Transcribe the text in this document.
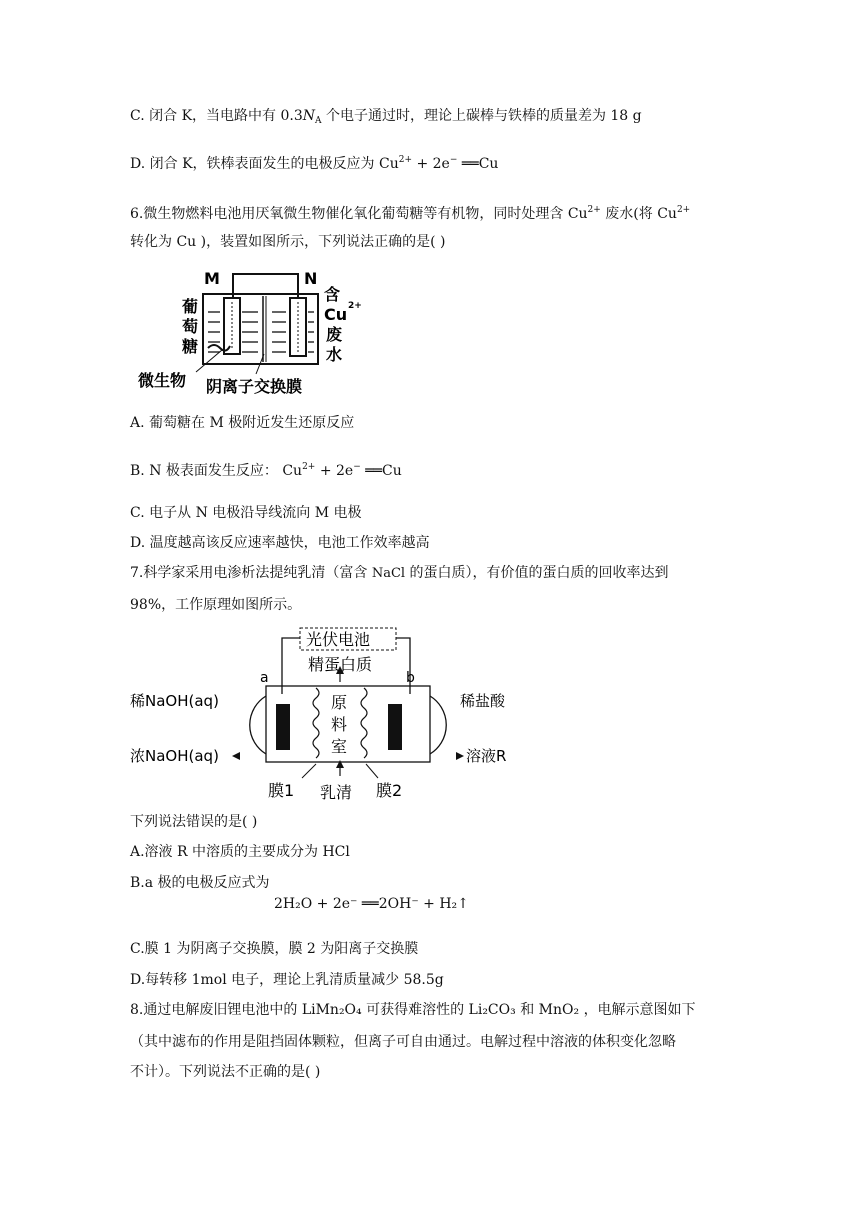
C. 闭合 K，当电路中有 $0.3N_A$ 个电子通过时，理论上碳棒与铁棒的质量差为 18 g
D. 闭合 K，铁棒表面发生的电极反应为 $Cu^{2+} + 2e^-$ ══Cu
6.微生物燃料电池用厌氧微生物催化氧化葡萄糖等有机物，同时处理含 $Cu^{2+}$ 废水(将 $Cu^{2+}$
转化为 Cu )，装置如图所示，下列说法正确的是( )
M	N
葡
萄
糖
含
Cu 2+
废
水
微生物 阴离子交换膜
A. 葡萄糖在 M 极附近发生还原反应
B. N 极表面发生反应： $Cu^{2+} + 2e^-$ ══Cu
C. 电子从 N 电极沿导线流向 M 电极
D. 温度越高该反应速率越快，电池工作效率越高
7.科学家采用电渗析法提纯乳清（富含 NaCl 的蛋白质），有价值的蛋白质的回收率达到
98%，工作原理如图所示。
光伏电池
精蛋白质
a	b
稀NaOH(aq)
浓NaOH(aq)
稀盐酸
溶液R
原
料
室
膜1 乳清 膜2
下列说法错误的是( )
A.溶液 R 中溶质的主要成分为 HCl
B.a 极的电极反应式为
2H₂O + 2e⁻ ══2OH⁻ + H₂↑
C.膜 1 为阴离子交换膜，膜 2 为阳离子交换膜
D.每转移 1mol 电子，理论上乳清质量减少 58.5g
8.通过电解废旧锂电池中的 LiMn₂O₄ 可获得难溶性的 Li₂CO₃ 和 MnO₂ ，电解示意图如下
（其中滤布的作用是阻挡固体颗粒，但离子可自由通过。电解过程中溶液的体积变化忽略
不计）。下列说法不正确的是( )
